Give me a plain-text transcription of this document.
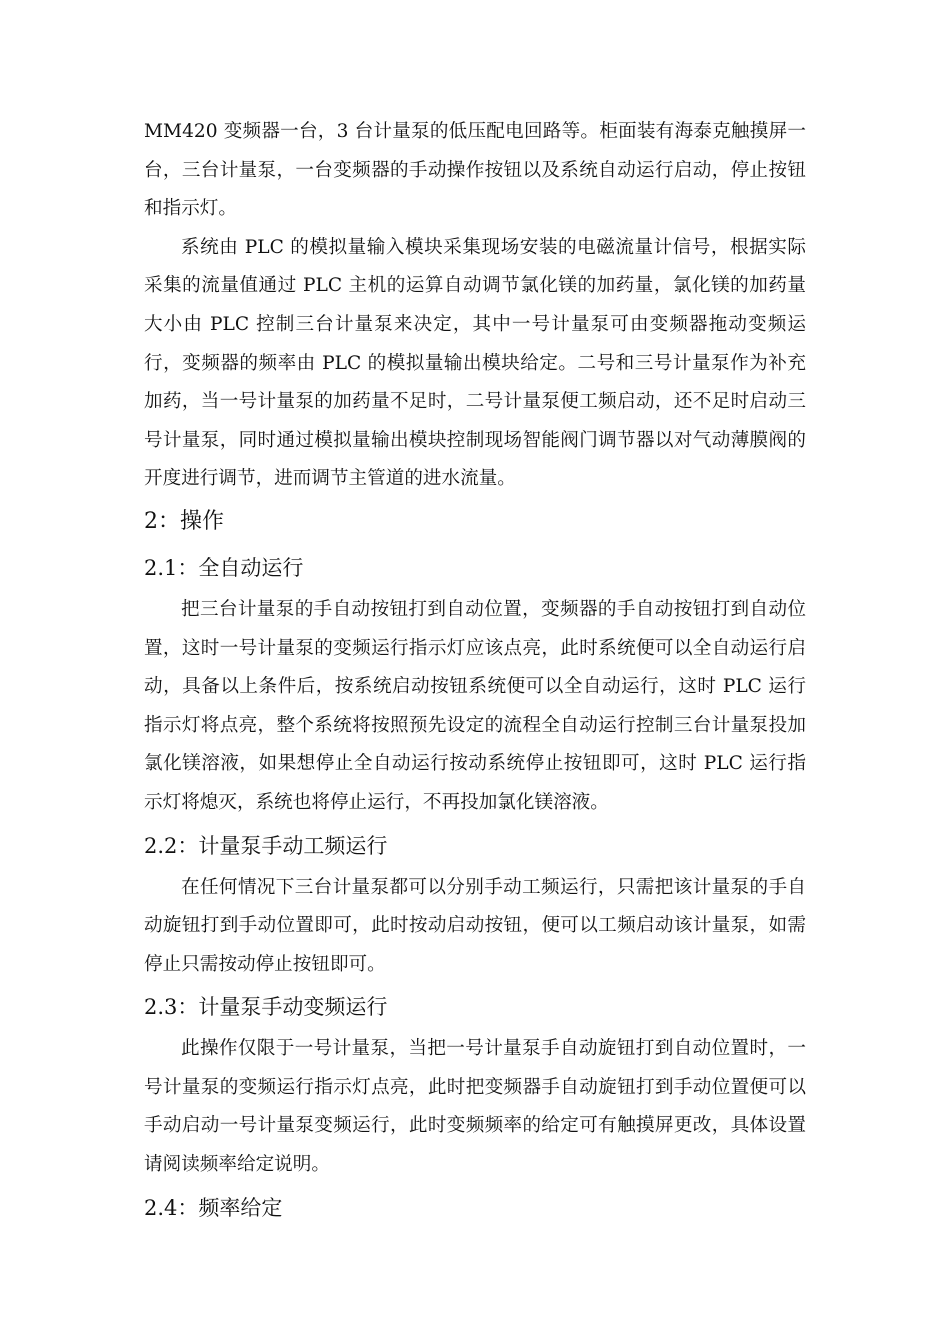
MM420 变频器一台，3 台计量泵的低压配电回路等。柜面装有海泰克触摸屏一台，三台计量泵，一台变频器的手动操作按钮以及系统自动运行启动，停止按钮和指示灯。

系统由 PLC 的模拟量输入模块采集现场安装的电磁流量计信号，根据实际采集的流量值通过 PLC 主机的运算自动调节氯化镁的加药量，氯化镁的加药量大小由 PLC 控制三台计量泵来决定，其中一号计量泵可由变频器拖动变频运行，变频器的频率由 PLC 的模拟量输出模块给定。二号和三号计量泵作为补充加药，当一号计量泵的加药量不足时，二号计量泵便工频启动，还不足时启动三号计量泵，同时通过模拟量输出模块控制现场智能阀门调节器以对气动薄膜阀的开度进行调节，进而调节主管道的进水流量。

2：操作
2.1：全自动运行

把三台计量泵的手自动按钮打到自动位置，变频器的手自动按钮打到自动位置，这时一号计量泵的变频运行指示灯应该点亮，此时系统便可以全自动运行启动，具备以上条件后，按系统启动按钮系统便可以全自动运行，这时 PLC 运行指示灯将点亮，整个系统将按照预先设定的流程全自动运行控制三台计量泵投加氯化镁溶液，如果想停止全自动运行按动系统停止按钮即可，这时 PLC 运行指示灯将熄灭，系统也将停止运行，不再投加氯化镁溶液。

2.2：计量泵手动工频运行

在任何情况下三台计量泵都可以分别手动工频运行，只需把该计量泵的手自动旋钮打到手动位置即可，此时按动启动按钮，便可以工频启动该计量泵，如需停止只需按动停止按钮即可。

2.3：计量泵手动变频运行

此操作仅限于一号计量泵，当把一号计量泵手自动旋钮打到自动位置时，一号计量泵的变频运行指示灯点亮，此时把变频器手自动旋钮打到手动位置便可以手动启动一号计量泵变频运行，此时变频频率的给定可有触摸屏更改，具体设置请阅读频率给定说明。

2.4：频率给定
